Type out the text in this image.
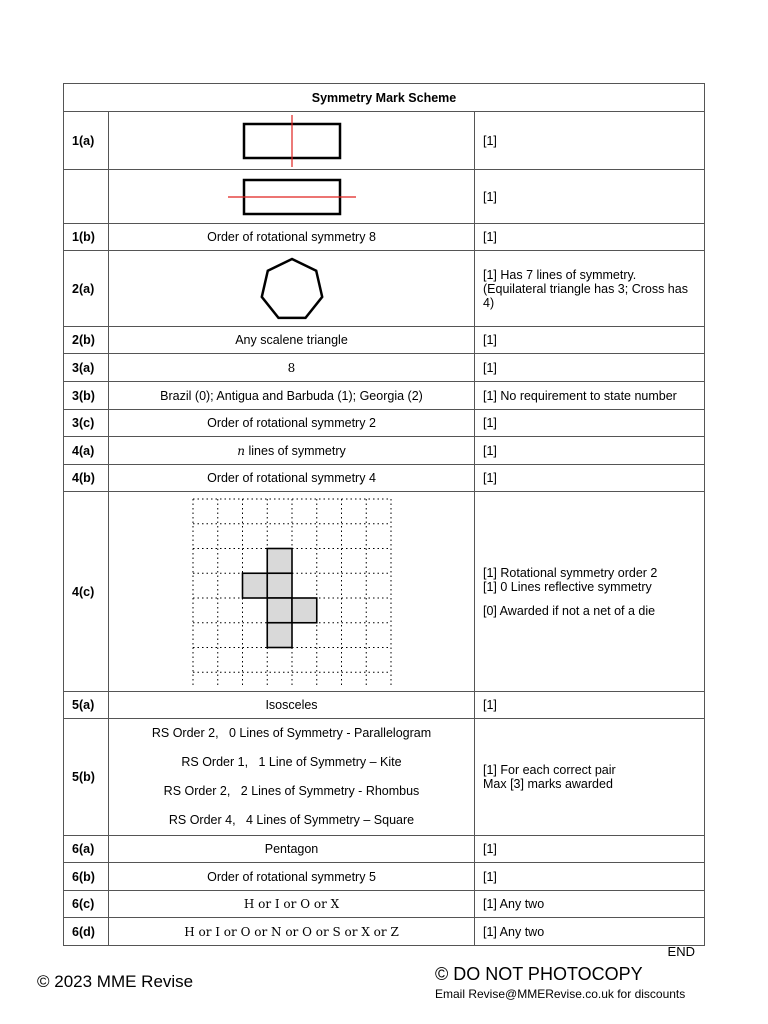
Symmetry Mark Scheme		
1(a)		[1]

	[1]
1(b)	Order of rotational symmetry 8	[1]
2(a)		[1] Has 7 lines of symmetry.
(Equilateral triangle has 3; Cross has
4)

2(b)	Any scalene triangle	[1]
3(a)	8	[1]
3(b)	Brazil (0); Antigua and Barbuda (1); Georgia (2)	[1] No requirement to state number
3(c)	Order of rotational symmetry 2	[1]
4(a)	n lines of symmetry	[1]
4(b)	Order of rotational symmetry 4	[1]
4(c)		[1] Rotational symmetry order 2
[1] 0 Lines reflective symmetry
[0] Awarded if not a net of a die

5(a)	Isosceles	[1]
5(b)	RS Order 2,   0 Lines of Symmetry - Parallelogram
RS Order 1,   1 Line of Symmetry – Kite
RS Order 2,   2 Lines of Symmetry - Rhombus
RS Order 4,   4 Lines of Symmetry – Square	[1] For each correct pair
Max [3] marks awarded

6(a)	Pentagon	[1]
6(b)	Order of rotational symmetry 5	[1]
6(c)	H or I or O or X	[1] Any two
6(d)	H or I or O or N or O or S or X or Z	[1] Any two
END
© 2023 MME Revise	© DO NOT PHOTOCOPY
Email Revise@MMERevise.co.uk for discounts
